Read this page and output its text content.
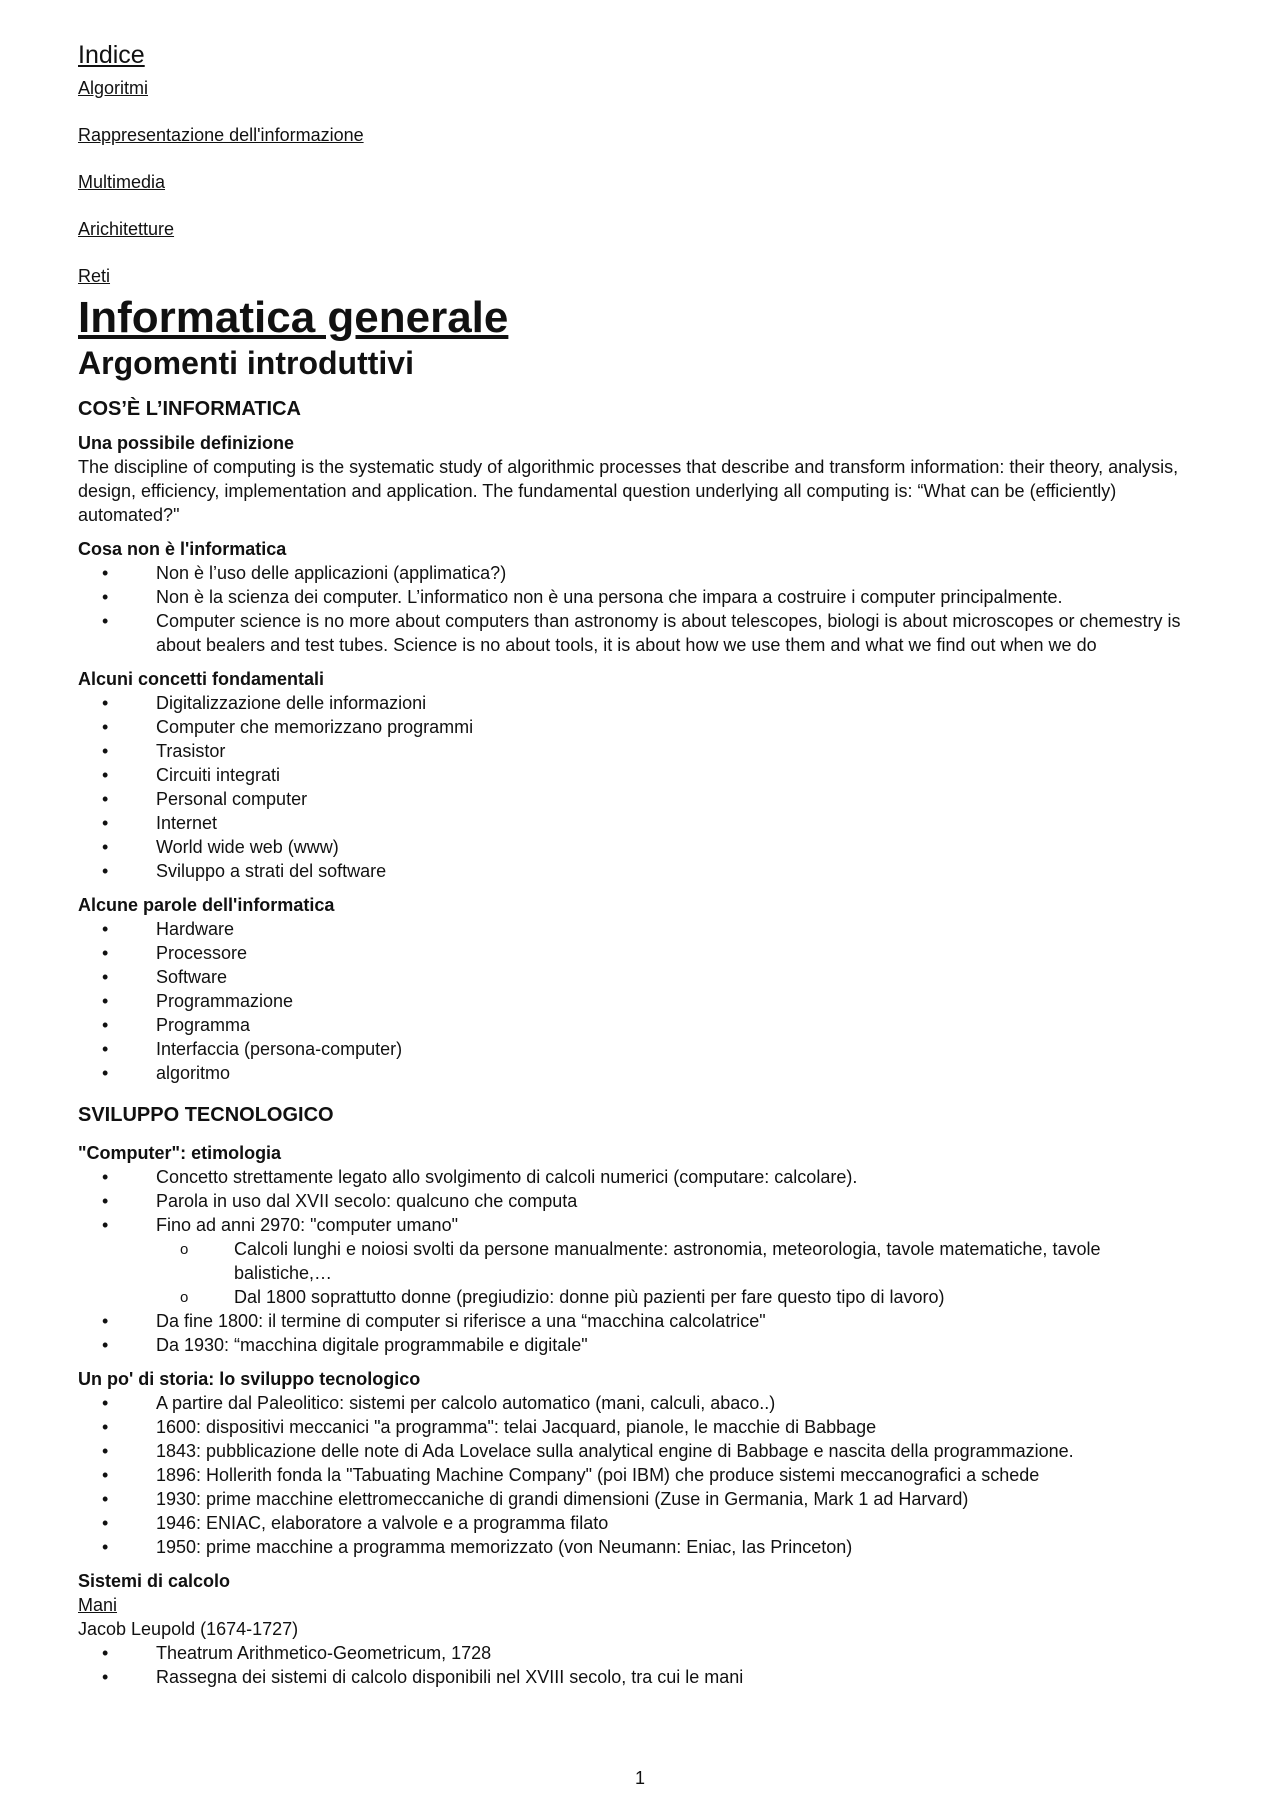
Indice
Algoritmi
Rappresentazione dell'informazione
Multimedia
Arichitetture
Reti
Informatica generale
Argomenti introduttivi
COS’È L’INFORMATICA

Una possibile definizione

The discipline of computing is the systematic study of algorithmic processes that describe and transform information: their theory, analysis, design, efficiency, implementation and application. The fundamental question underlying all computing is: “What can be (efficiently) automated?"

Cosa non è l'informatica

• Non è l’uso delle applicazioni (applimatica?)
• Non è la scienza dei computer. L’informatico non è una persona che impara a costruire i computer principalmente.
• Computer science is no more about computers than astronomy is about telescopes, biologi is about microscopes or chemestry is about bealers and test tubes. Science is no about tools, it is about how we use them and what we find out when we do

Alcuni concetti fondamentali

• Digitalizzazione delle informazioni
• Computer che memorizzano programmi
• Trasistor
• Circuiti integrati
• Personal computer
• Internet
• World wide web (www)
• Sviluppo a strati del software

Alcune parole dell'informatica

• Hardware
• Processore
• Software
• Programmazione
• Programma
• Interfaccia (persona-computer)
• algoritmo
SVILUPPO TECNOLOGICO

"Computer": etimologia

• Concetto strettamente legato allo svolgimento di calcoli numerici (computare: calcolare).
• Parola in uso dal XVII secolo: qualcuno che computa
• Fino ad anni 2970: "computer umano"
o Calcoli lunghi e noiosi svolti da persone manualmente: astronomia, meteorologia, tavole matematiche, tavole balistiche,…
o Dal 1800 soprattutto donne (pregiudizio: donne più pazienti per fare questo tipo di lavoro)
• Da fine 1800: il termine di computer si riferisce a una “macchina calcolatrice"
• Da 1930: “macchina digitale programmabile e digitale"

Un po' di storia: lo sviluppo tecnologico

• A partire dal Paleolitico: sistemi per calcolo automatico (mani, calculi, abaco..)
• 1600: dispositivi meccanici "a programma": telai Jacquard, pianole, le macchie di Babbage
• 1843: pubblicazione delle note di Ada Lovelace sulla analytical engine di Babbage e nascita della programmazione.
• 1896: Hollerith fonda la "Tabuating Machine Company" (poi IBM) che produce sistemi meccanografici a schede
• 1930: prime macchine elettromeccaniche di grandi dimensioni (Zuse in Germania, Mark 1 ad Harvard)
• 1946: ENIAC, elaboratore a valvole e a programma filato
• 1950: prime macchine a programma memorizzato (von Neumann: Eniac, Ias Princeton)

Sistemi di calcolo

Mani

Jacob Leupold (1674-1727)

• Theatrum Arithmetico-Geometricum, 1728
• Rassegna dei sistemi di calcolo disponibili nel XVIII secolo, tra cui le mani
1
